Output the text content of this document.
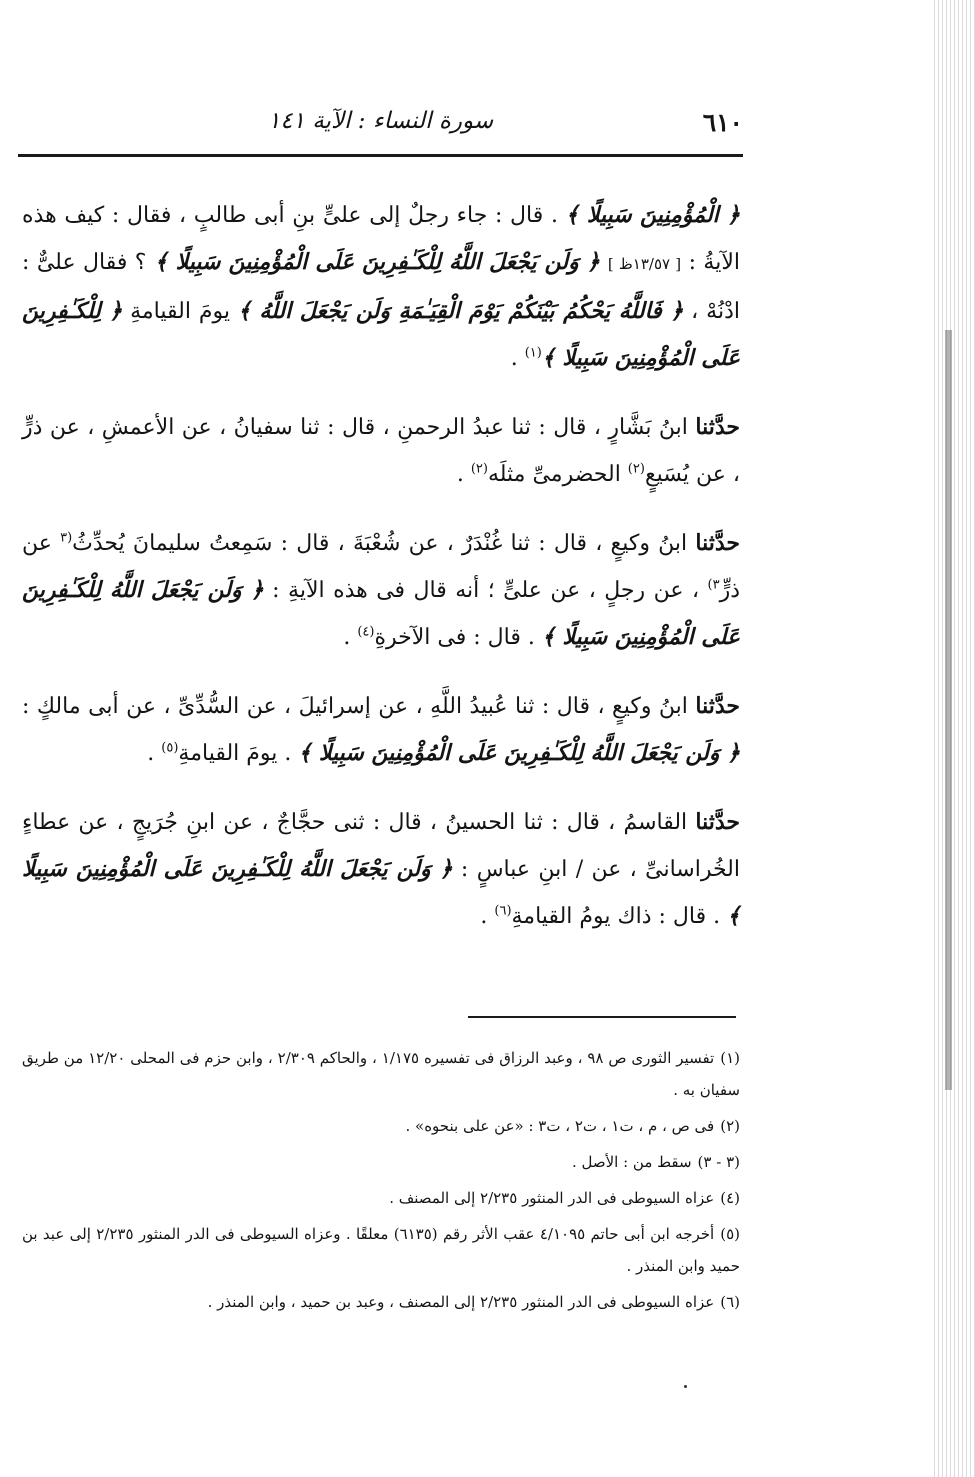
٦١٠
سورة النساء : الآية ١٤١

﴿ الْمُؤْمِنِينَ سَبِيلًا ﴾ . قال : جاء رجلٌ إلى علىٍّ بنِ أبى طالبٍ ، فقال : كيف هذه الآيةُ : [ ١٣/٥٧ظ ] ﴿ وَلَن يَجْعَلَ اللَّهُ لِلْكَـٰفِرِينَ عَلَى الْمُؤْمِنِينَ سَبِيلًا ﴾ ؟ فقال علىٌّ : ادْنُهْ ، ﴿ فَاللَّهُ يَحْكُمُ بَيْنَكُمْ يَوْمَ الْقِيَـٰمَةِ وَلَن يَجْعَلَ اللَّهُ ﴾ يومَ القيامةِ ﴿ لِلْكَـٰفِرِينَ عَلَى الْمُؤْمِنِينَ سَبِيلًا ﴾$^{(١)}$ .

حدَّثنا ابنُ بَشَّارٍ ، قال : ثنا عبدُ الرحمنِ ، قال : ثنا سفيانُ ، عن الأعمشِ ، عن ذرٍّ ، عن يُسَيعٍ$^{(٢)}$ الحضرمىِّ مثلَه$^{(٢)}$ .

حدَّثنا ابنُ وكيعٍ ، قال : ثنا غُنْدَرٌ ، عن شُعْبَةَ ، قال : سَمِعتُ سليمانَ يُحدِّثُ$^{(٣}$ عن ذرٍّ$^{٣)}$ ، عن رجلٍ ، عن علىٍّ ؛ أنه قال فى هذه الآيةِ : ﴿ وَلَن يَجْعَلَ اللَّهُ لِلْكَـٰفِرِينَ عَلَى الْمُؤْمِنِينَ سَبِيلًا ﴾ . قال : فى الآخرةِ$^{(٤)}$ .

حدَّثنا ابنُ وكيعٍ ، قال : ثنا عُبيدُ اللَّهِ ، عن إسرائيلَ ، عن السُّدِّىِّ ، عن أبى مالكٍ : ﴿ وَلَن يَجْعَلَ اللَّهُ لِلْكَـٰفِرِينَ عَلَى الْمُؤْمِنِينَ سَبِيلًا ﴾ . يومَ القيامةِ$^{(٥)}$ .

حدَّثنا القاسمُ ، قال : ثنا الحسينُ ، قال : ثنى حجَّاجٌ ، عن ابنِ جُرَيجٍ ، عن عطاءٍ الخُراسانىِّ ، عن / ابنِ عباسٍ : ﴿ وَلَن يَجْعَلَ اللَّهُ لِلْكَـٰفِرِينَ عَلَى الْمُؤْمِنِينَ سَبِيلًا ﴾ . قال : ذاك يومُ القيامةِ$^{(٦)}$ .

(١)تفسير الثورى ص ٩٨ ، وعبد الرزاق فى تفسيره ١/١٧٥ ، والحاكم ٢/٣٠٩ ، وابن حزم فى المحلى ١٢/٢٠ من طريق سفيان به .
(٢)فى ص ، م ، ت١ ، ت٢ ، ت٣ : «عن على بنحوه» .
(٣ - ٣)سقط من : الأصل .
(٤)عزاه السيوطى فى الدر المنثور ٢/٢٣٥ إلى المصنف .
(٥)أخرجه ابن أبى حاتم ٤/١٠٩٥ عقب الأثر رقم (٦١٣٥) معلقًا . وعزاه السيوطى فى الدر المنثور ٢/٢٣٥ إلى عبد بن حميد وابن المنذر .
(٦)عزاه السيوطى فى الدر المنثور ٢/٢٣٥ إلى المصنف ، وعبد بن حميد ، وابن المنذر .
